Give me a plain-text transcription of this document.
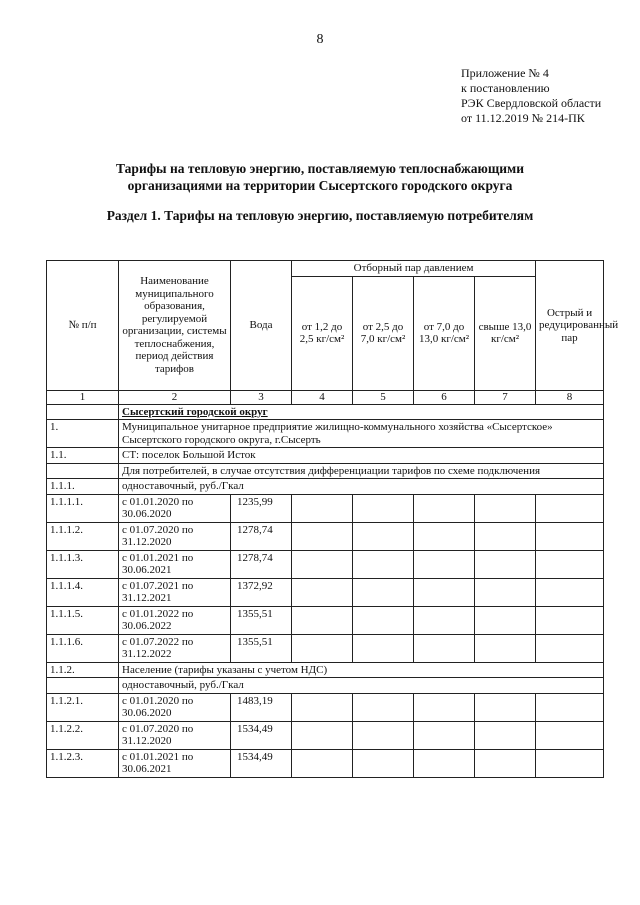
8
Приложение № 4
к постановлению
РЭК Свердловской области
от 11.12.2019 № 214-ПК
Тарифы на тепловую энергию, поставляемую теплоснабжающими
организациями на территории Сысертского городского округа
Раздел 1. Тарифы на тепловую энергию, поставляемую потребителям
№ п/п	Наименование муниципального образования, регулируемой организации, системы теплоснабжения, период действия тарифов	Вода	Отборный пар давлением				Острый и редуцированный пар
			от 1,2 до 2,5 кг/см²	от 2,5 до 7,0 кг/см²	от 7,0 до 13,0 кг/см²	свыше 13,0 кг/см²	
1	2	3	4	5	6	7	8
	Сысертский городской округ						
1.	Муниципальное унитарное предприятие жилищно-коммунального хозяйства «Сысертское» Сысертского городского округа, г.Сысерть						
1.1.	СТ: поселок Большой Исток						
	Для потребителей, в случае отсутствия дифференциации тарифов по схеме подключения						
1.1.1.	одноставочный, руб./Гкал						
1.1.1.1.	с 01.01.2020 по 30.06.2020	1235,99					
1.1.1.2.	с 01.07.2020 по 31.12.2020	1278,74					
1.1.1.3.	с 01.01.2021 по 30.06.2021	1278,74					
1.1.1.4.	с 01.07.2021 по 31.12.2021	1372,92					
1.1.1.5.	с 01.01.2022 по 30.06.2022	1355,51					
1.1.1.6.	с 01.07.2022 по 31.12.2022	1355,51					
1.1.2.	Население (тарифы указаны с учетом НДС)						
	одноставочный, руб./Гкал						
1.1.2.1.	с 01.01.2020 по 30.06.2020	1483,19					
1.1.2.2.	с 01.07.2020 по 31.12.2020	1534,49					
1.1.2.3.	с 01.01.2021 по 30.06.2021	1534,49					
